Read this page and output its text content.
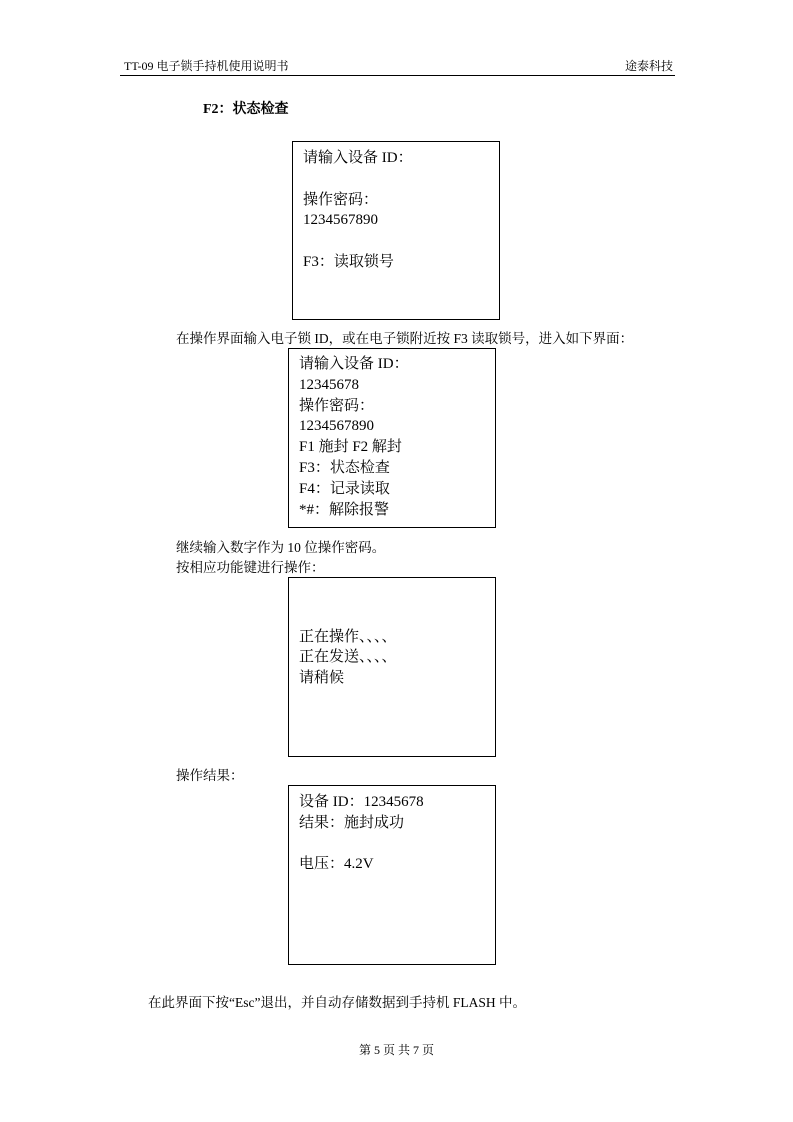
TT-09 电子锁手持机使用说明书	途泰科技
F2：状态检查
请输入设备 ID：
操作密码：
1234567890
F3：读取锁号
在操作界面输入电子锁 ID，或在电子锁附近按 F3 读取锁号，进入如下界面：
请输入设备 ID：
12345678
操作密码：
1234567890
F1 施封 F2 解封
F3：状态检查
F4：记录读取
*#：解除报警
继续输入数字作为 10 位操作密码。
按相应功能键进行操作：
正在操作、、、、
正在发送、、、、
请稍候
操作结果：
设备 ID：12345678
结果：施封成功
电压：4.2V
在此界面下按“Esc”退出，并自动存储数据到手持机 FLASH 中。
第 5 页 共 7 页
